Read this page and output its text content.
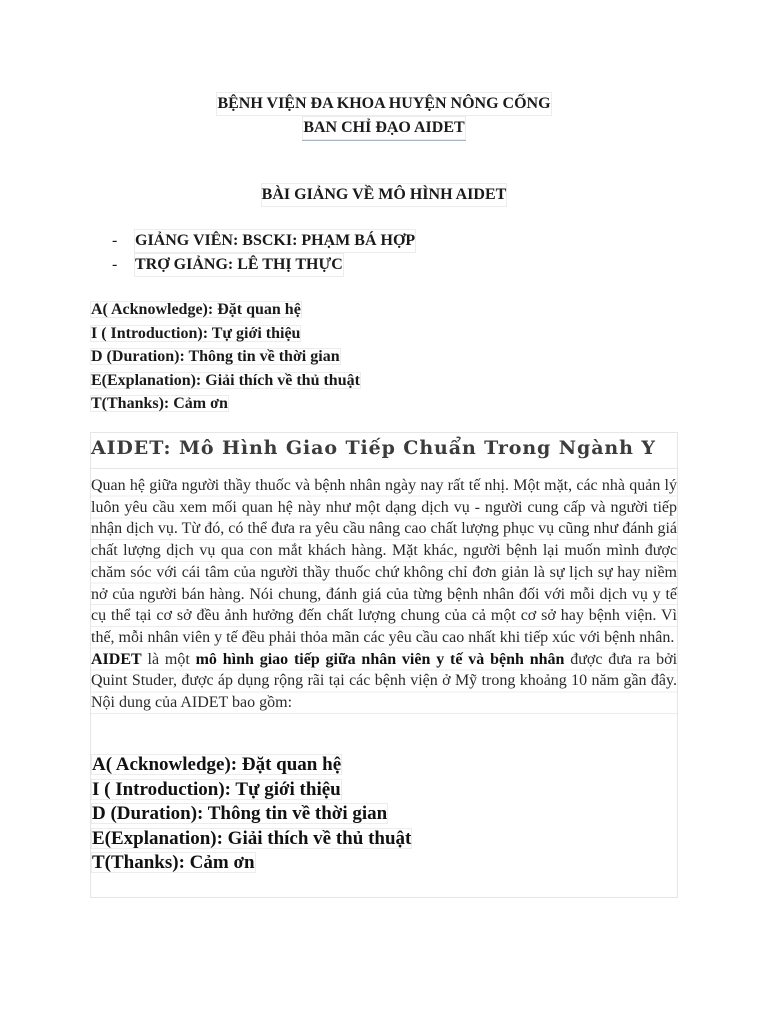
BỆNH VIỆN ĐA KHOA HUYỆN NÔNG CỐNG
BAN CHỈ ĐẠO AIDET
BÀI GIẢNG VỀ MÔ HÌNH AIDET
-	GIẢNG VIÊN: BSCKI: PHẠM BÁ HỢP
-	TRỢ GIẢNG: LÊ THỊ THỰC
A( Acknowledge): Đặt quan hệ
I ( Introduction): Tự giới thiệu
D (Duration): Thông tin về thời gian
E(Explanation): Giải thích về thủ thuật
T(Thanks): Cảm ơn
AIDET: Mô Hình Giao Tiếp Chuẩn Trong Ngành Y

Quan hệ giữa người thầy thuốc và bệnh nhân ngày nay rất tế nhị. Một mặt, các nhà quản lý luôn yêu cầu xem mối quan hệ này như một dạng dịch vụ - người cung cấp và người tiếp nhận dịch vụ. Từ đó, có thể đưa ra yêu cầu nâng cao chất lượng phục vụ cũng như đánh giá chất lượng dịch vụ qua con mắt khách hàng. Mặt khác, người bệnh lại muốn mình được chăm sóc với cái tâm của người thầy thuốc chứ không chỉ đơn giản là sự lịch sự hay niềm nở của người bán hàng. Nói chung, đánh giá của từng bệnh nhân đối với mỗi dịch vụ y tế cụ thể tại cơ sở đều ảnh hưởng đến chất lượng chung của cả một cơ sở hay bệnh viện. Vì thế, mỗi nhân viên y tế đều phải thỏa mãn các yêu cầu cao nhất khi tiếp xúc với bệnh nhân.

AIDET là một mô hình giao tiếp giữa nhân viên y tế và bệnh nhân được đưa ra bởi Quint Studer, được áp dụng rộng rãi tại các bệnh viện ở Mỹ trong khoảng 10 năm gần đây. Nội dung của AIDET bao gồm:

A( Acknowledge): Đặt quan hệ
I ( Introduction): Tự giới thiệu
D (Duration): Thông tin về thời gian
E(Explanation): Giải thích về thủ thuật
T(Thanks): Cảm ơn
